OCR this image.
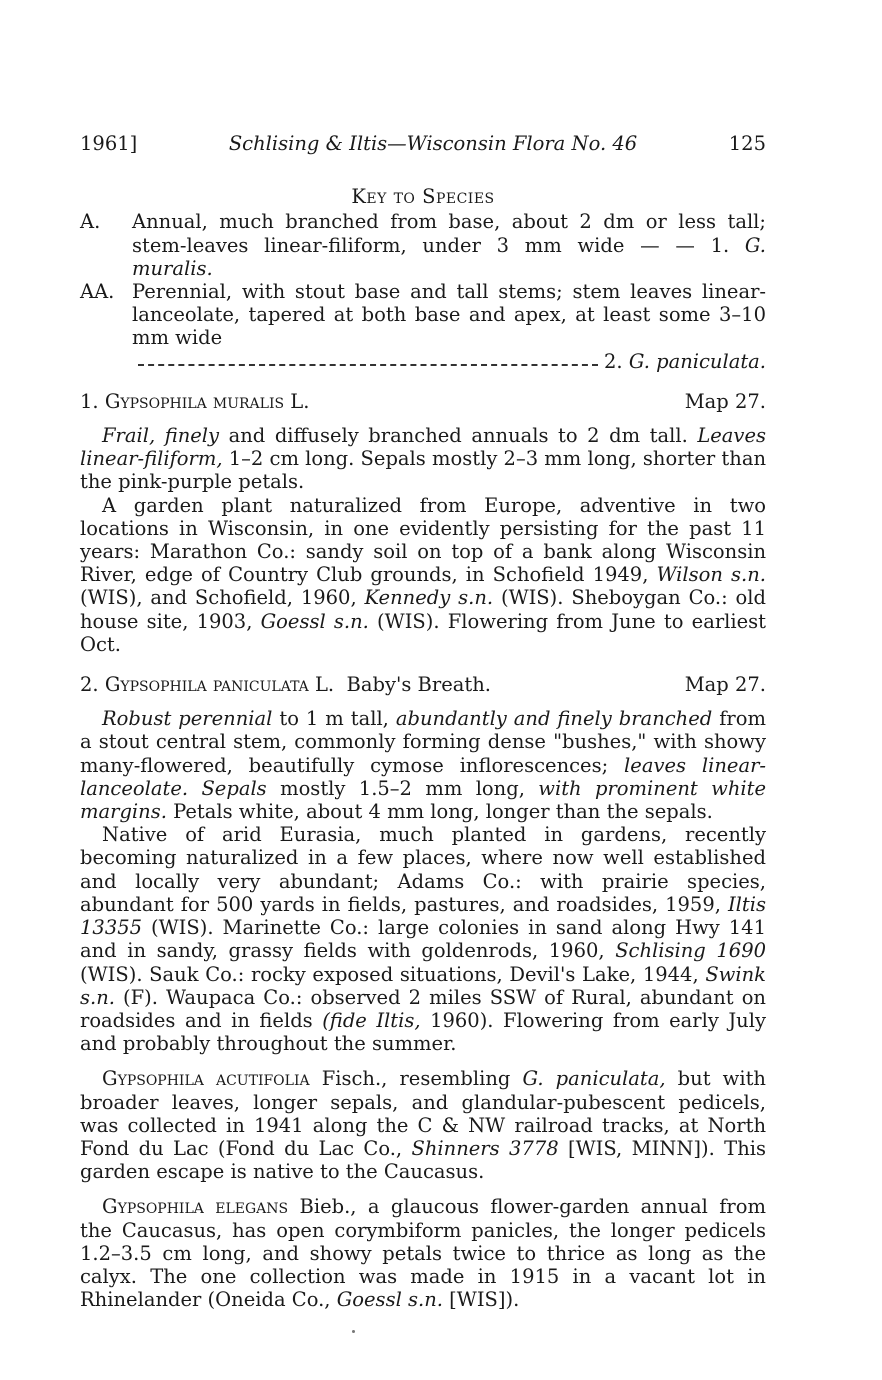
1961]	Schlising & Iltis—Wisconsin Flora No. 46	125
Key to Species
A.	Annual, much branched from base, about 2 dm or less tall; stem-leaves linear-filiform, under 3 mm wide — — 1. G. muralis.
AA. Perennial, with stout base and tall stems; stem leaves linear-lanceolate, tapered at both base and apex, at least some 3–10 mm wide
2.
G. paniculata.
1. Gypsophila muralis L.	Map 27.

Frail, finely and diffusely branched annuals to 2 dm tall. Leaves linear-filiform, 1–2 cm long. Sepals mostly 2–3 mm long, shorter than the pink-purple petals.

A garden plant naturalized from Europe, adventive in two locations in Wisconsin, in one evidently persisting for the past 11 years: Marathon Co.: sandy soil on top of a bank along Wisconsin River, edge of Country Club grounds, in Schofield 1949, Wilson s.n. (WIS), and Schofield, 1960, Kennedy s.n. (WIS). Sheboygan Co.: old house site, 1903, Goessl s.n. (WIS). Flowering from June to earliest Oct.

2. Gypsophila paniculata L. Baby's Breath.	Map 27.

Robust perennial to 1 m tall, abundantly and finely branched from a stout central stem, commonly forming dense "bushes," with showy many-flowered, beautifully cymose inflorescences; leaves linear-lanceolate. Sepals mostly 1.5–2 mm long, with prominent white margins. Petals white, about 4 mm long, longer than the sepals.

Native of arid Eurasia, much planted in gardens, recently becoming naturalized in a few places, where now well established and locally very abundant; Adams Co.: with prairie species, abundant for 500 yards in fields, pastures, and roadsides, 1959, Iltis 13355 (WIS). Marinette Co.: large colonies in sand along Hwy 141 and in sandy, grassy fields with goldenrods, 1960, Schlising 1690 (WIS). Sauk Co.: rocky exposed situations, Devil's Lake, 1944, Swink s.n. (F). Waupaca Co.: observed 2 miles SSW of Rural, abundant on roadsides and in fields (fide Iltis, 1960). Flowering from early July and probably throughout the summer.

Gypsophila acutifolia Fisch., resembling G. paniculata, but with broader leaves, longer sepals, and glandular-pubescent pedicels, was collected in 1941 along the C & NW railroad tracks, at North Fond du Lac (Fond du Lac Co., Shinners 3778 [WIS, MINN]). This garden escape is native to the Caucasus.

Gypsophila elegans Bieb., a glaucous flower-garden annual from the Caucasus, has open corymbiform panicles, the longer pedicels 1.2–3.5 cm long, and showy petals twice to thrice as long as the calyx. The one collection was made in 1915 in a vacant lot in Rhinelander (Oneida Co., Goessl s.n. [WIS]).
